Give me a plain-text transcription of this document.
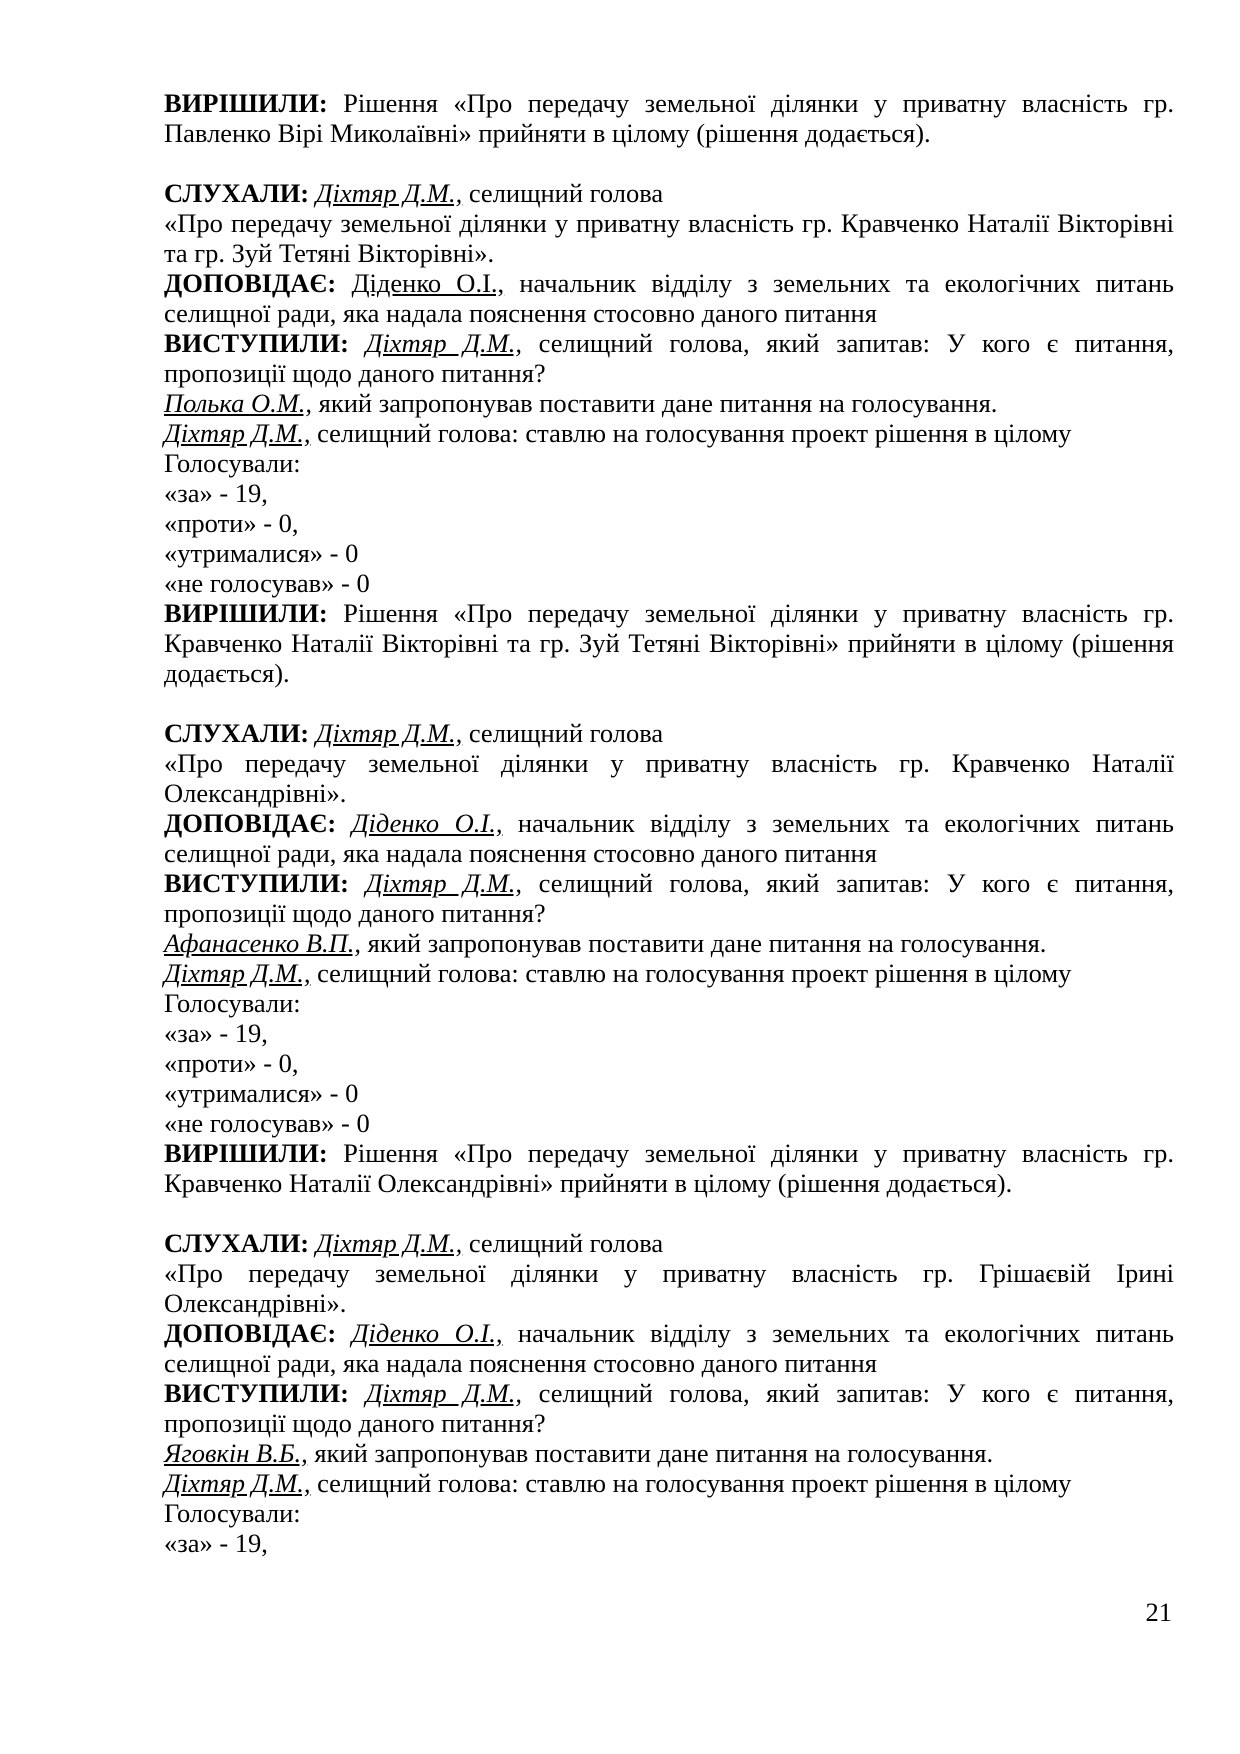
ВИРІШИЛИ: Рішення «Про передачу земельної ділянки у приватну власність гр. Павленко Вірі Миколаївні» прийняти в цілому (рішення додається).

СЛУХАЛИ: Діхтяр Д.М., селищний голова

«Про передачу земельної ділянки у приватну власність гр. Кравченко Наталії Вікторівні та гр. Зуй Тетяні Вікторівні».

ДОПОВІДАЄ: Діденко О.І., начальник відділу з земельних та екологічних питань селищної ради, яка надала пояснення стосовно даного питання

ВИСТУПИЛИ: Діхтяр Д.М., селищний голова, який запитав: У кого є питання, пропозиції щодо даного питання?

Полька О.М., який запропонував поставити дане питання на голосування.

Діхтяр Д.М., селищний голова: ставлю на голосування проект рішення в цілому

Голосували:

«за» - 19,

«проти» - 0,

«утрималися» - 0

«не голосував» - 0

ВИРІШИЛИ: Рішення «Про передачу земельної ділянки у приватну власність гр. Кравченко Наталії Вікторівні та гр. Зуй Тетяні Вікторівні» прийняти в цілому (рішення додається).

СЛУХАЛИ: Діхтяр Д.М., селищний голова

«Про передачу земельної ділянки у приватну власність гр. Кравченко Наталії Олександрівні».

ДОПОВІДАЄ: Діденко О.І., начальник відділу з земельних та екологічних питань селищної ради, яка надала пояснення стосовно даного питання

ВИСТУПИЛИ: Діхтяр Д.М., селищний голова, який запитав: У кого є питання, пропозиції щодо даного питання?

Афанасенко В.П., який запропонував поставити дане питання на голосування.

Діхтяр Д.М., селищний голова: ставлю на голосування проект рішення в цілому

Голосували:

«за» - 19,

«проти» - 0,

«утрималися» - 0

«не голосував» - 0

ВИРІШИЛИ: Рішення «Про передачу земельної ділянки у приватну власність гр. Кравченко Наталії Олександрівні» прийняти в цілому (рішення додається).

СЛУХАЛИ: Діхтяр Д.М., селищний голова

«Про передачу земельної ділянки у приватну власність гр. Грішаєвій Ірині Олександрівні».

ДОПОВІДАЄ: Діденко О.І., начальник відділу з земельних та екологічних питань селищної ради, яка надала пояснення стосовно даного питання

ВИСТУПИЛИ: Діхтяр Д.М., селищний голова, який запитав: У кого є питання, пропозиції щодо даного питання?

Яговкін В.Б., який запропонував поставити дане питання на голосування.

Діхтяр Д.М., селищний голова: ставлю на голосування проект рішення в цілому

Голосували:

«за» - 19,

21
